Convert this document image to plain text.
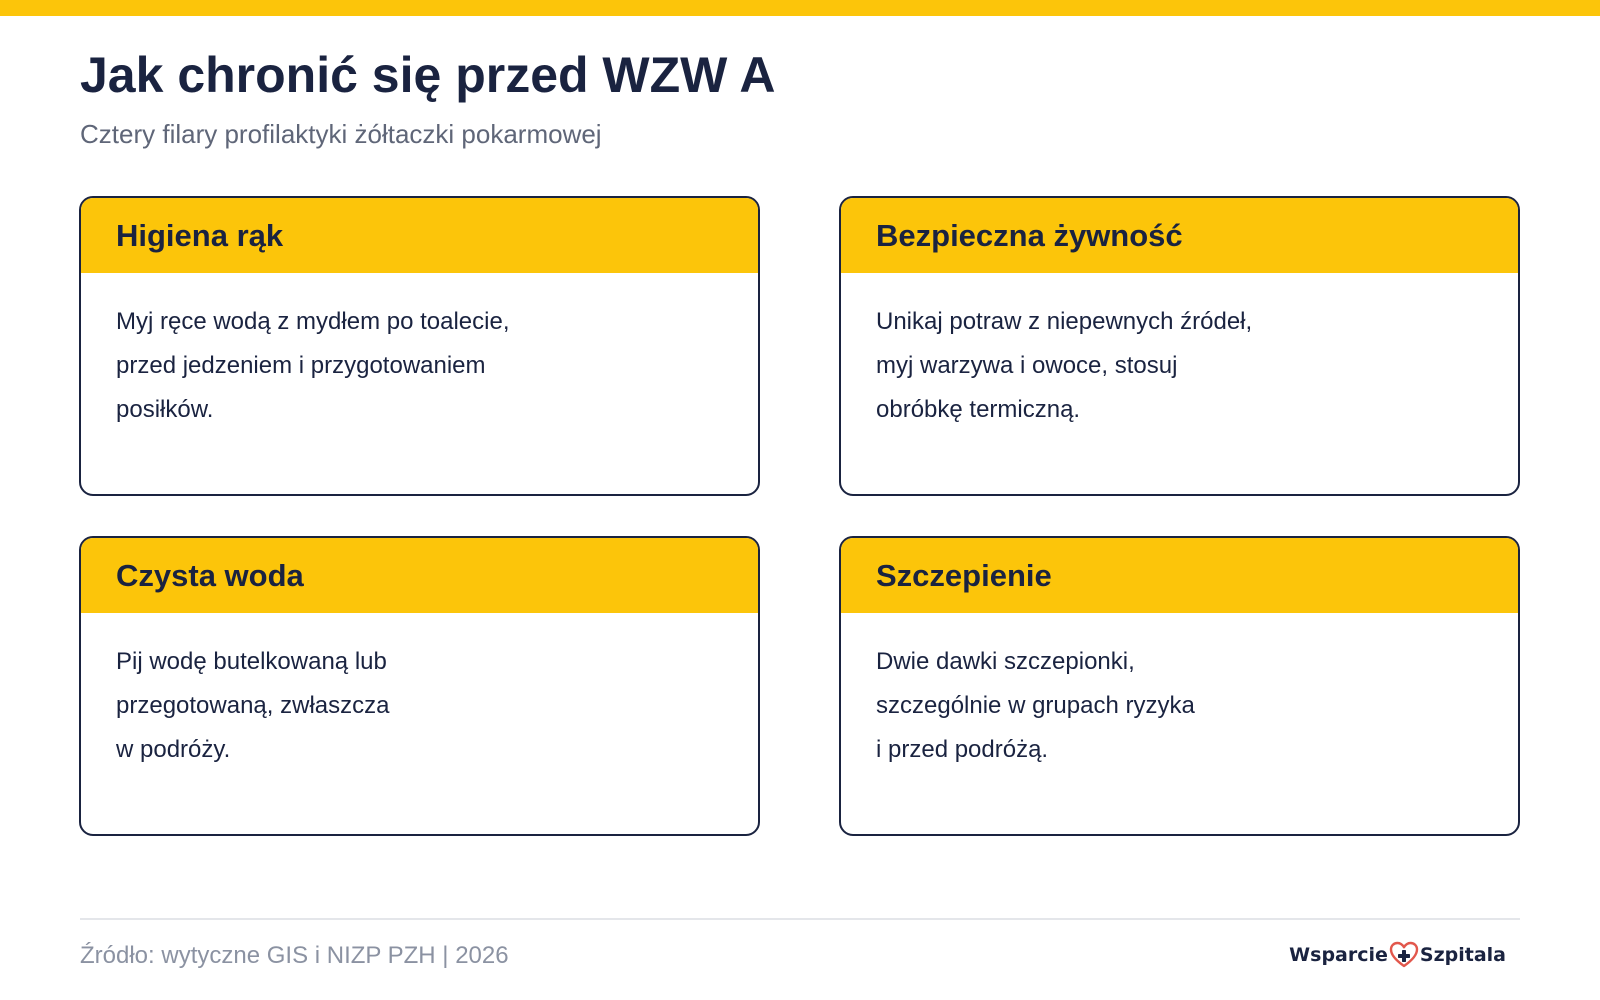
Jak chronić się przed WZW A

Cztery filary profilaktyki żółtaczki pokarmowej

Higiena rąk
Myj ręce wodą z mydłem po toalecie,
przed jedzeniem i przygotowaniem
posiłków.
Bezpieczna żywność
Unikaj potraw z niepewnych źródeł,
myj warzywa i owoce, stosuj
obróbkę termiczną.
Czysta woda
Pij wodę butelkowaną lub
przegotowaną, zwłaszcza
w podróży.
Szczepienie
Dwie dawki szczepionki,
szczególnie w grupach ryzyka
i przed podróżą.
Źródło: wytyczne GIS i NIZP PZH | 2026	Wsparcie Szpitala
